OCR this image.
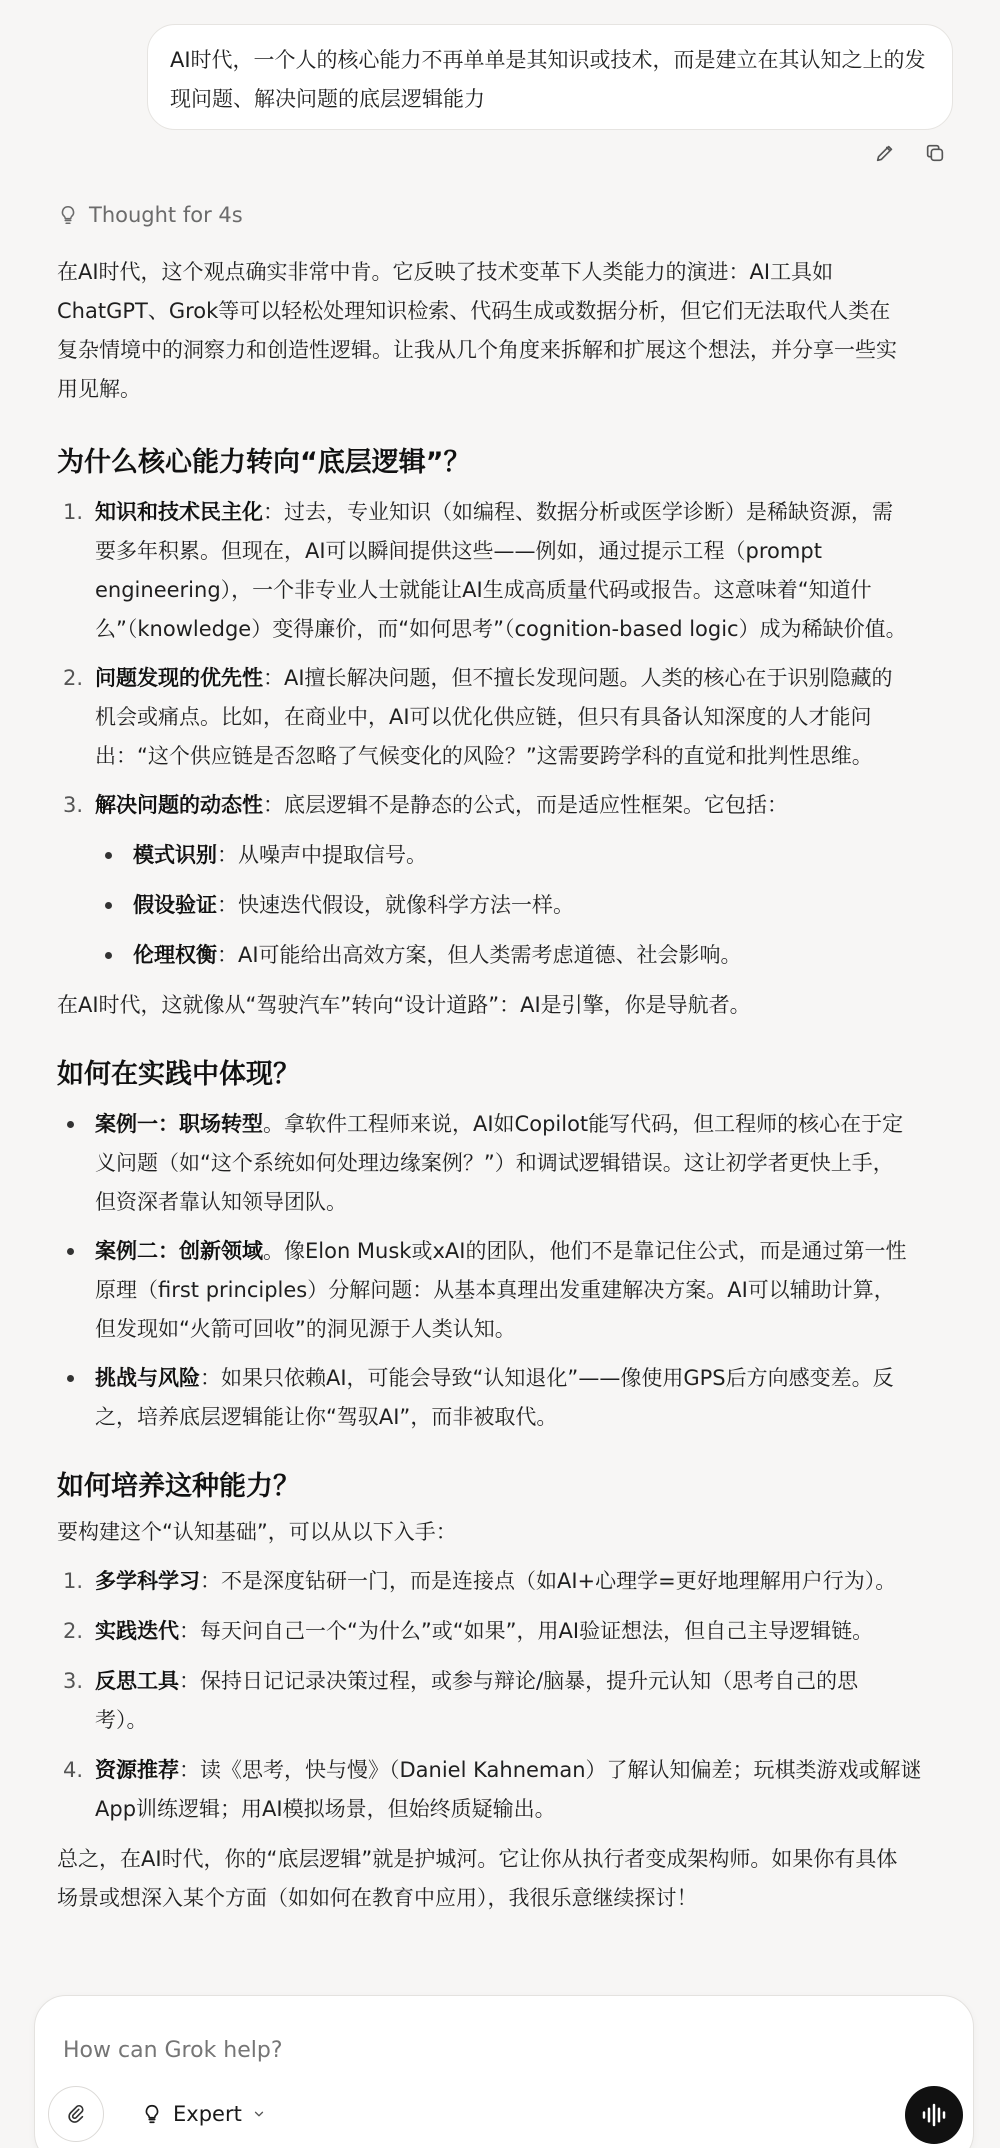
AI时代，一个人的核心能力不再单单是其知识或技术，而是建立在其认知之上的发现问题、解决问题的底层逻辑能力
Thought for 4s

在AI时代，这个观点确实非常中肯。它反映了技术变革下人类能力的演进：AI工具如
ChatGPT、Grok等可以轻松处理知识检索、代码生成或数据分析，但它们无法取代人类在
复杂情境中的洞察力和创造性逻辑。让我从几个角度来拆解和扩展这个想法，并分享一些实
用见解。

为什么核心能力转向“底层逻辑”？
1. 知识和技术民主化：过去，专业知识（如编程、数据分析或医学诊断）是稀缺资源，需
要多年积累。但现在，AI可以瞬间提供这些——例如，通过提示工程（prompt
engineering），一个非专业人士就能让AI生成高质量代码或报告。这意味着“知道什
么”（knowledge）变得廉价，而“如何思考”（cognition-based logic）成为稀缺价值。
2. 问题发现的优先性：AI擅长解决问题，但不擅长发现问题。人类的核心在于识别隐藏的
机会或痛点。比如，在商业中，AI可以优化供应链，但只有具备认知深度的人才能问
出：“这个供应链是否忽略了气候变化的风险？”这需要跨学科的直觉和批判性思维。
3. 解决问题的动态性：底层逻辑不是静态的公式，而是适应性框架。它包括：
模式识别：从噪声中提取信号。
假设验证：快速迭代假设，就像科学方法一样。
伦理权衡：AI可能给出高效方案，但人类需考虑道德、社会影响。

在AI时代，这就像从“驾驶汽车”转向“设计道路”：AI是引擎，你是导航者。

如何在实践中体现？
案例一：职场转型。拿软件工程师来说，AI如Copilot能写代码，但工程师的核心在于定
义问题（如“这个系统如何处理边缘案例？”）和调试逻辑错误。这让初学者更快上手，
但资深者靠认知领导团队。
案例二：创新领域。像Elon Musk或xAI的团队，他们不是靠记住公式，而是通过第一性
原理（first principles）分解问题：从基本真理出发重建解决方案。AI可以辅助计算，
但发现如“火箭可回收”的洞见源于人类认知。
挑战与风险：如果只依赖AI，可能会导致“认知退化”——像使用GPS后方向感变差。反
之，培养底层逻辑能让你“驾驭AI”，而非被取代。
如何培养这种能力？

要构建这个“认知基础”，可以从以下入手：

1. 多学科学习：不是深度钻研一门，而是连接点（如AI+心理学=更好地理解用户行为）。
2. 实践迭代：每天问自己一个“为什么”或“如果”，用AI验证想法，但自己主导逻辑链。
3. 反思工具：保持日记记录决策过程，或参与辩论/脑暴，提升元认知（思考自己的思
考）。
4. 资源推荐：读《思考，快与慢》（Daniel Kahneman）了解认知偏差；玩棋类游戏或解谜
App训练逻辑；用AI模拟场景，但始终质疑输出。

总之，在AI时代，你的“底层逻辑”就是护城河。它让你从执行者变成架构师。如果你有具体
场景或想深入某个方面（如如何在教育中应用），我很乐意继续探讨！

How can Grok help?
Expert
